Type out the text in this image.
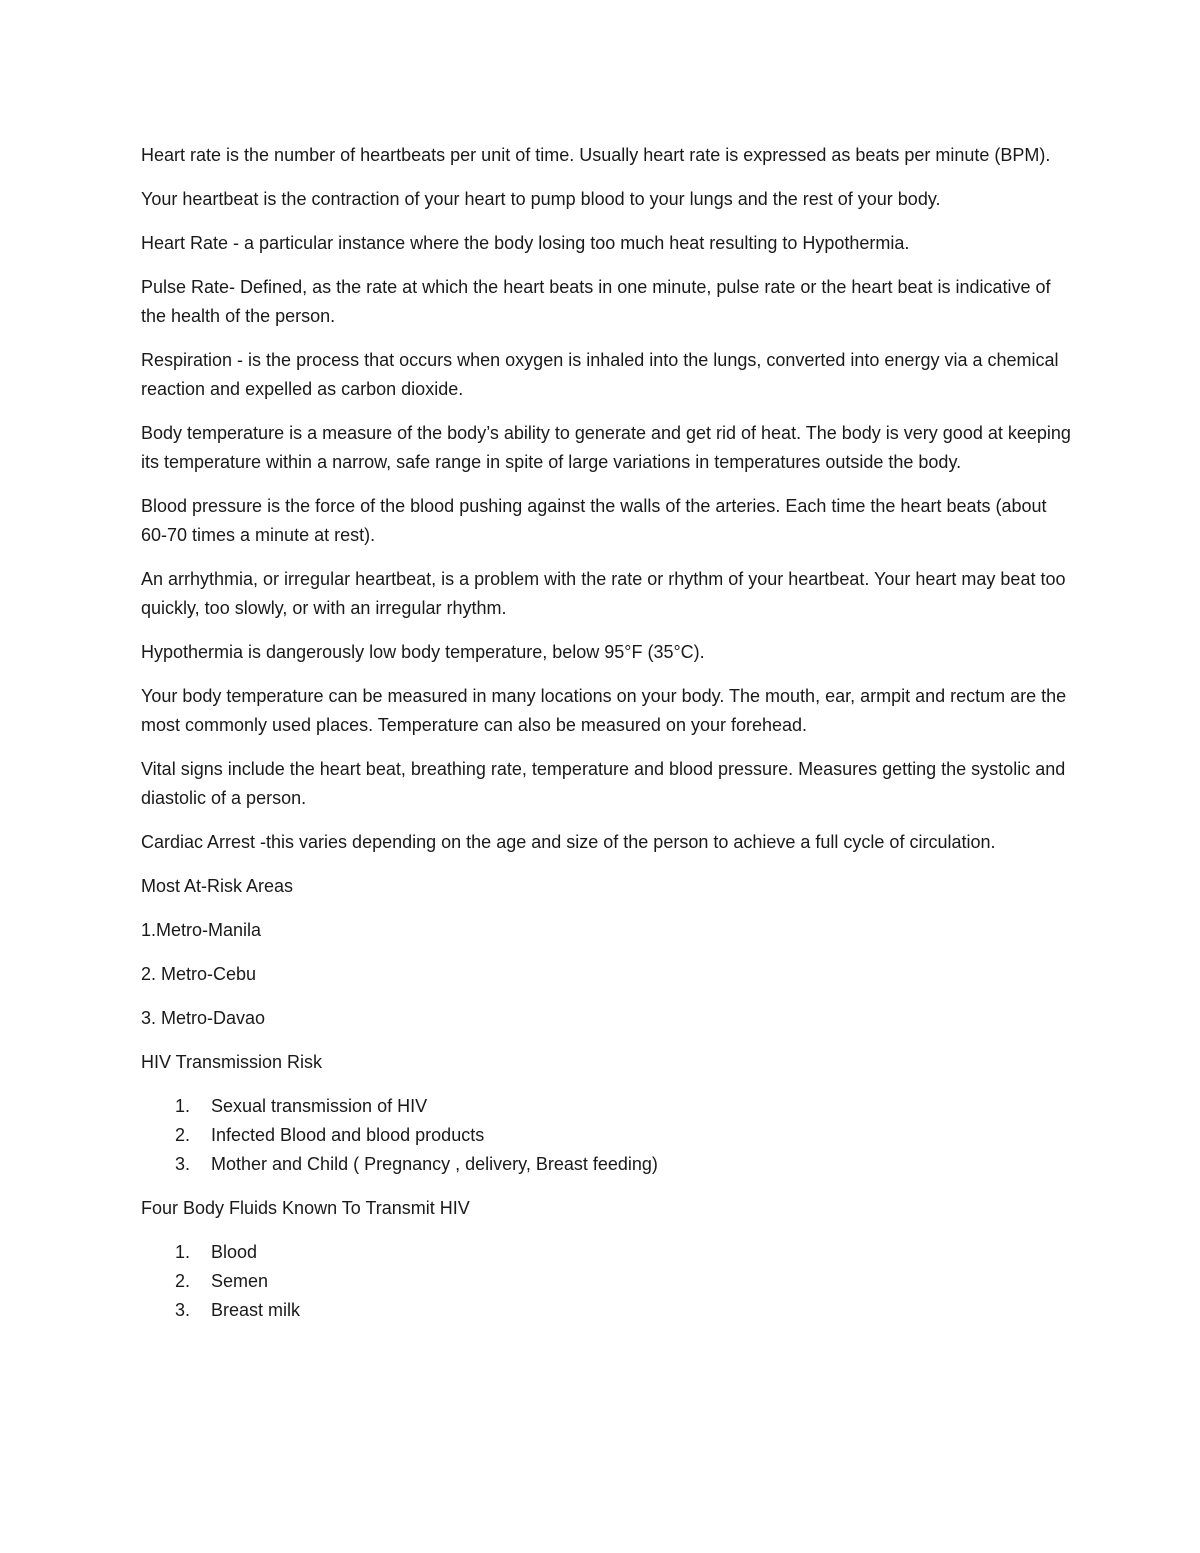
Heart rate is the number of heartbeats per unit of time. Usually heart rate is expressed as beats per minute (BPM).

Your heartbeat is the contraction of your heart to pump blood to your lungs and the rest of your body.

Heart Rate - a particular instance where the body losing too much heat resulting to Hypothermia.

Pulse Rate- Defined, as the rate at which the heart beats in one minute, pulse rate or the heart beat is indicative of the health of the person.

Respiration - is the process that occurs when oxygen is inhaled into the lungs, converted into energy via a chemical reaction and expelled as carbon dioxide.

Body temperature is a measure of the body’s ability to generate and get rid of heat. The body is very good at keeping its temperature within a narrow, safe range in spite of large variations in temperatures outside the body.

Blood pressure is the force of the blood pushing against the walls of the arteries. Each time the heart beats (about 60-70 times a minute at rest).

An arrhythmia, or irregular heartbeat, is a problem with the rate or rhythm of your heartbeat. Your heart may beat too quickly, too slowly, or with an irregular rhythm.

Hypothermia is dangerously low body temperature, below 95°F (35°C).

Your body temperature can be measured in many locations on your body. The mouth, ear, armpit and rectum are the most commonly used places. Temperature can also be measured on your forehead.

Vital signs include the heart beat, breathing rate, temperature and blood pressure. Measures getting the systolic and diastolic of a person.

Cardiac Arrest -this varies depending on the age and size of the person to achieve a full cycle of circulation.

Most At-Risk Areas

1.Metro-Manila

2. Metro-Cebu

3. Metro-Davao

HIV Transmission Risk

1. Sexual transmission of HIV
2. Infected Blood and blood products
3. Mother and Child ( Pregnancy , delivery, Breast feeding)

Four Body Fluids Known To Transmit HIV

1. Blood
2. Semen
3. Breast milk
